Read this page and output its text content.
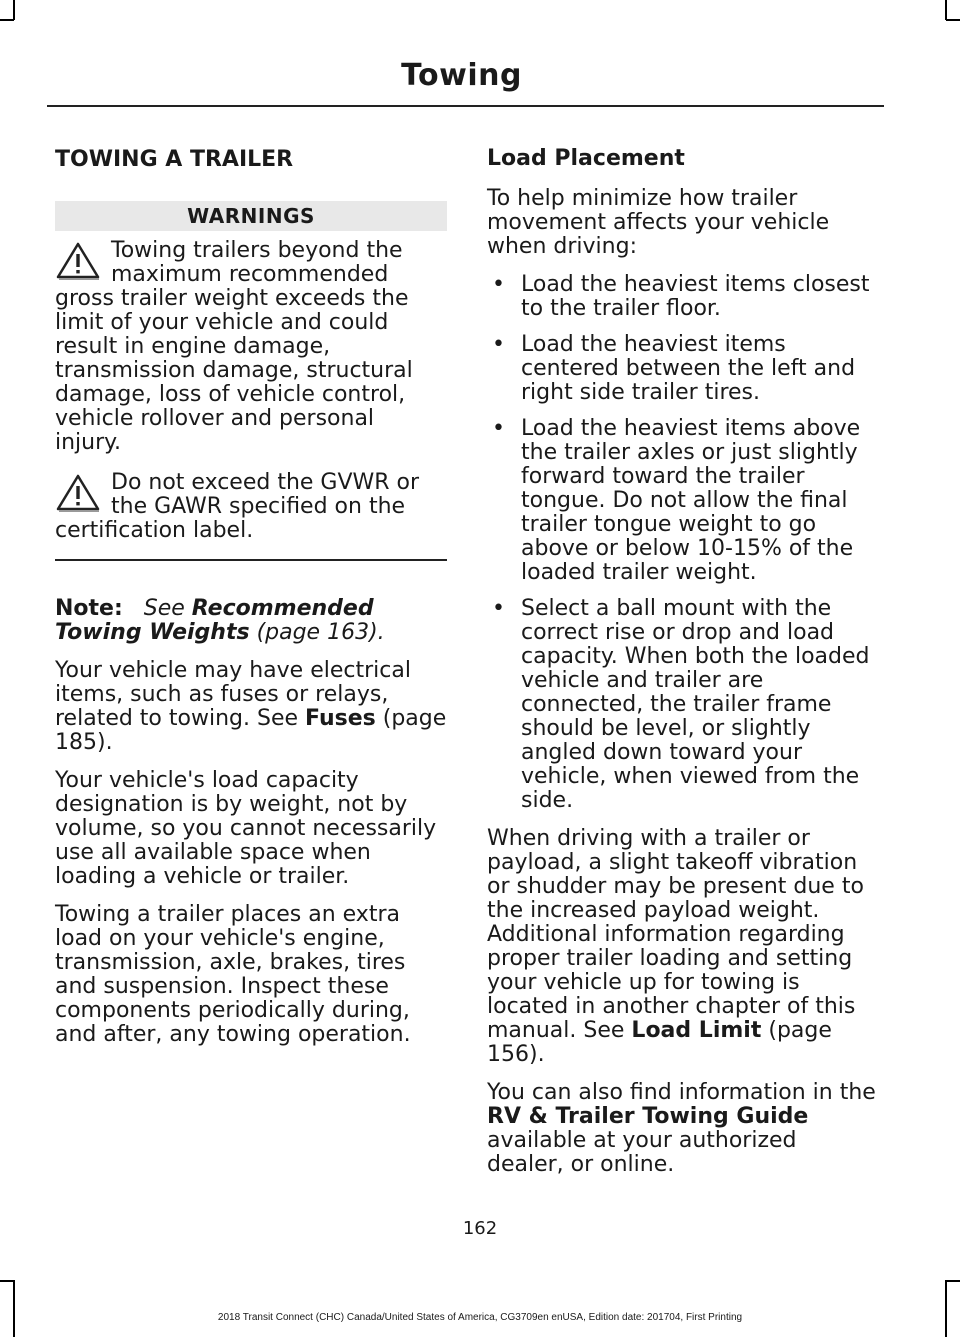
Towing
TOWING A TRAILER
WARNINGS

Towing trailers beyond the maximum recommended gross trailer weight exceeds the limit of your vehicle and could result in engine damage, transmission damage, structural damage, loss of vehicle control, vehicle rollover and personal injury.

Do not exceed the GVWR or the GAWR specified on the certification label.

Note: See Recommended Towing Weights (page 163).

Your vehicle may have electrical items, such as fuses or relays, related to towing. See Fuses (page 185).

Your vehicle's load capacity designation is by weight, not by volume, so you cannot necessarily use all available space when loading a vehicle or trailer.

Towing a trailer places an extra load on your vehicle's engine, transmission, axle, brakes, tires and suspension. Inspect these components periodically during, and after, any towing operation.

Load Placement

To help minimize how trailer movement affects your vehicle when driving:

• Load the heaviest items closest to the trailer floor.
• Load the heaviest items centered between the left and right side trailer tires.
• Load the heaviest items above the trailer axles or just slightly forward toward the trailer tongue. Do not allow the final trailer tongue weight to go above or below 10-15% of the loaded trailer weight.
• Select a ball mount with the correct rise or drop and load capacity. When both the loaded vehicle and trailer are connected, the trailer frame should be level, or slightly angled down toward your vehicle, when viewed from the side.

When driving with a trailer or payload, a slight takeoff vibration or shudder may be present due to the increased payload weight. Additional information regarding proper trailer loading and setting your vehicle up for towing is located in another chapter of this manual. See Load Limit (page 156).

You can also find information in the RV & Trailer Towing Guide available at your authorized dealer, or online.

162
2018 Transit Connect (CHC) Canada/United States of America, CG3709en enUSA, Edition date: 201704, First Printing
